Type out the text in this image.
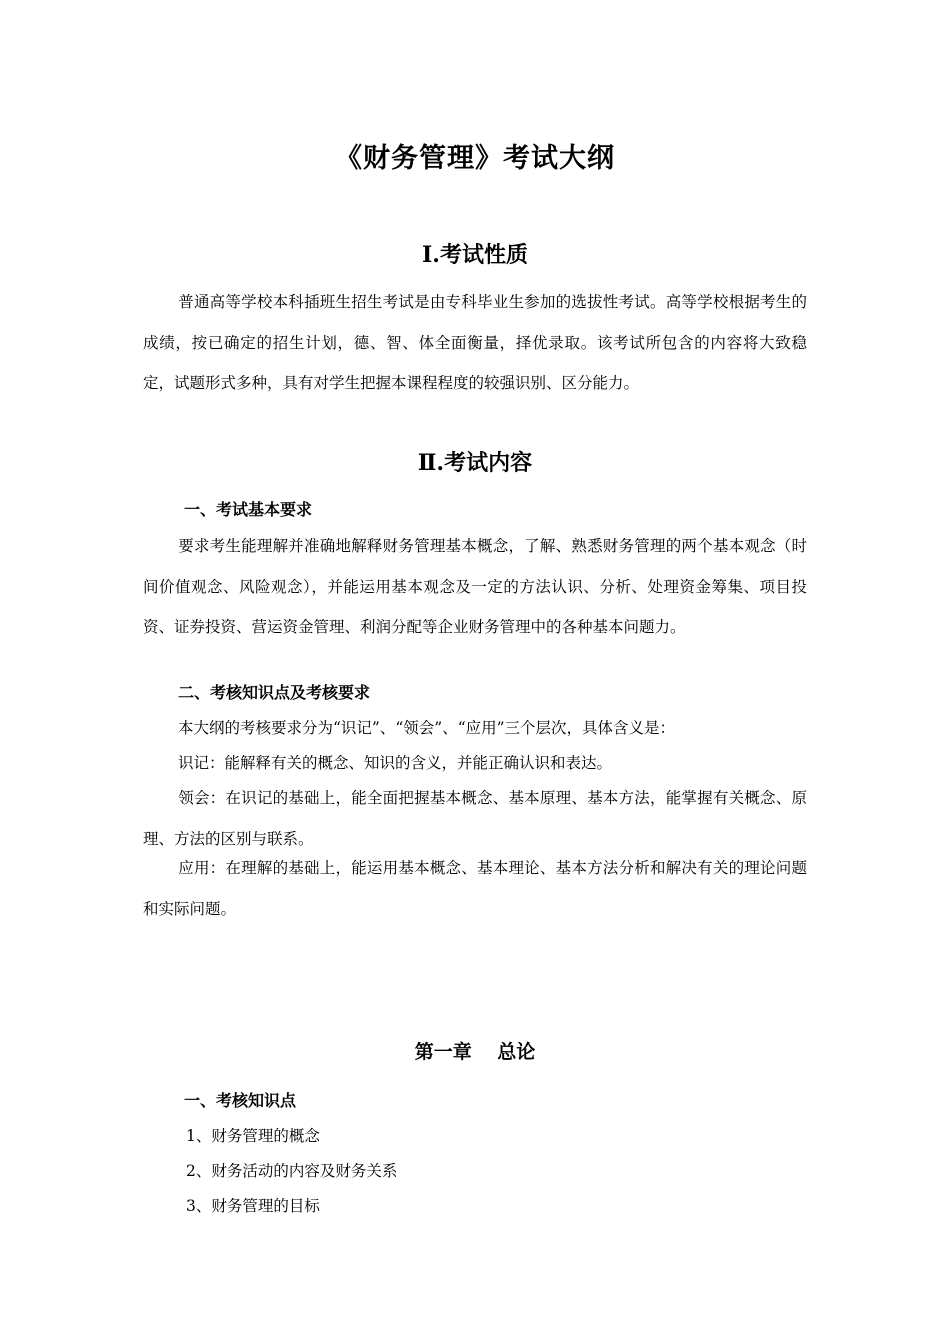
《财务管理》考试大纲
Ⅰ.考试性质
普通高等学校本科插班生招生考试是由专科毕业生参加的选拔性考试。高等学校根据考生的成绩，按已确定的招生计划，德、智、体全面衡量，择优录取。该考试所包含的内容将大致稳定，试题形式多种，具有对学生把握本课程程度的较强识别、区分能力。
Ⅱ.考试内容
一、考试基本要求
要求考生能理解并准确地解释财务管理基本概念，了解、熟悉财务管理的两个基本观念（时间价值观念、风险观念），并能运用基本观念及一定的方法认识、分析、处理资金筹集、项目投资、证券投资、营运资金管理、利润分配等企业财务管理中的各种基本问题力。
二、考核知识点及考核要求
本大纲的考核要求分为“识记”、“领会”、“应用”三个层次，具体含义是：
识记：能解释有关的概念、知识的含义，并能正确认识和表达。
领会：在识记的基础上，能全面把握基本概念、基本原理、基本方法，能掌握有关概念、原理、方法的区别与联系。
应用：在理解的基础上，能运用基本概念、基本理论、基本方法分析和解决有关的理论问题和实际问题。
第一章　 总论
一、考核知识点
1、财务管理的概念
2、财务活动的内容及财务关系
3、财务管理的目标
